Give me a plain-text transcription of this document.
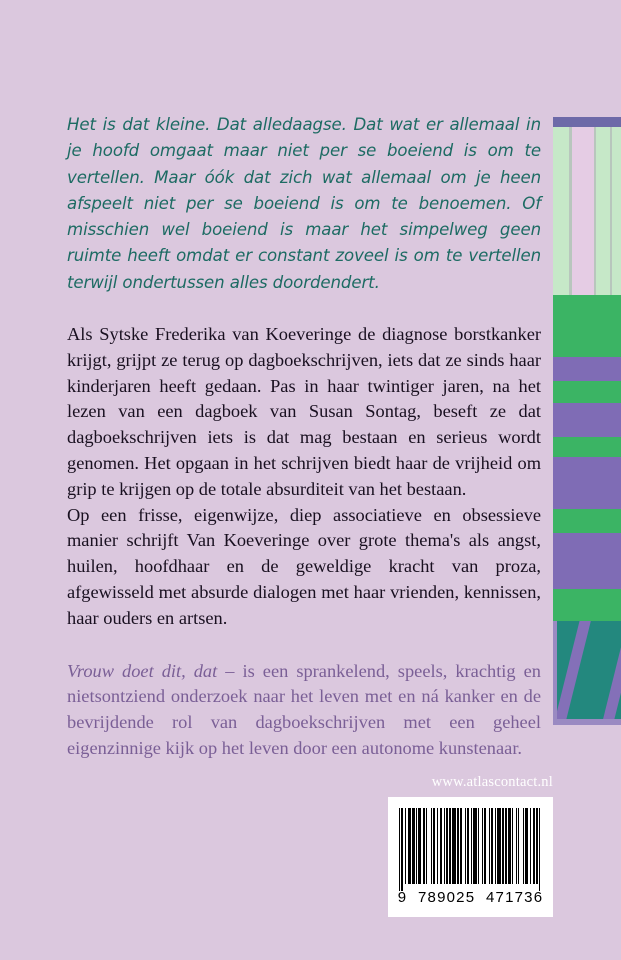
Het is dat kleine. Dat alledaagse. Dat wat er allemaal in je hoofd omgaat maar niet per se boeiend is om te vertellen. Maar óók dat zich wat allemaal om je heen afspeelt niet per se boeiend is om te benoemen. Of misschien wel boeiend is maar het simpelweg geen ruimte heeft omdat er constant zoveel is om te vertellen terwijl ondertussen alles doordendert.

Als Sytske Frederika van Koeveringe de diagnose borstkanker krijgt, grijpt ze terug op dagboekschrijven, iets dat ze sinds haar kinderjaren heeft gedaan. Pas in haar twintiger jaren, na het lezen van een dagboek van Susan Sontag, beseft ze dat dagboekschrijven iets is dat mag bestaan en serieus wordt genomen. Het opgaan in het schrijven biedt haar de vrijheid om grip te krijgen op de totale absurditeit van het bestaan.

Op een frisse, eigenwijze, diep associatieve en obsessieve manier schrijft Van Koeveringe over grote thema's als angst, huilen, hoofdhaar en de geweldige kracht van proza, afgewisseld met absurde dialogen met haar vrienden, kennissen, haar ouders en artsen.

Vrouw doet dit, dat – is een sprankelend, speels, krachtig en nietsontziend onderzoek naar het leven met en ná kanker en de bevrijdende rol van dagboekschrijven met een geheel eigenzinnige kijk op het leven door een autonome kunstenaar.

www.atlascontact.nl
9  789025  471736
